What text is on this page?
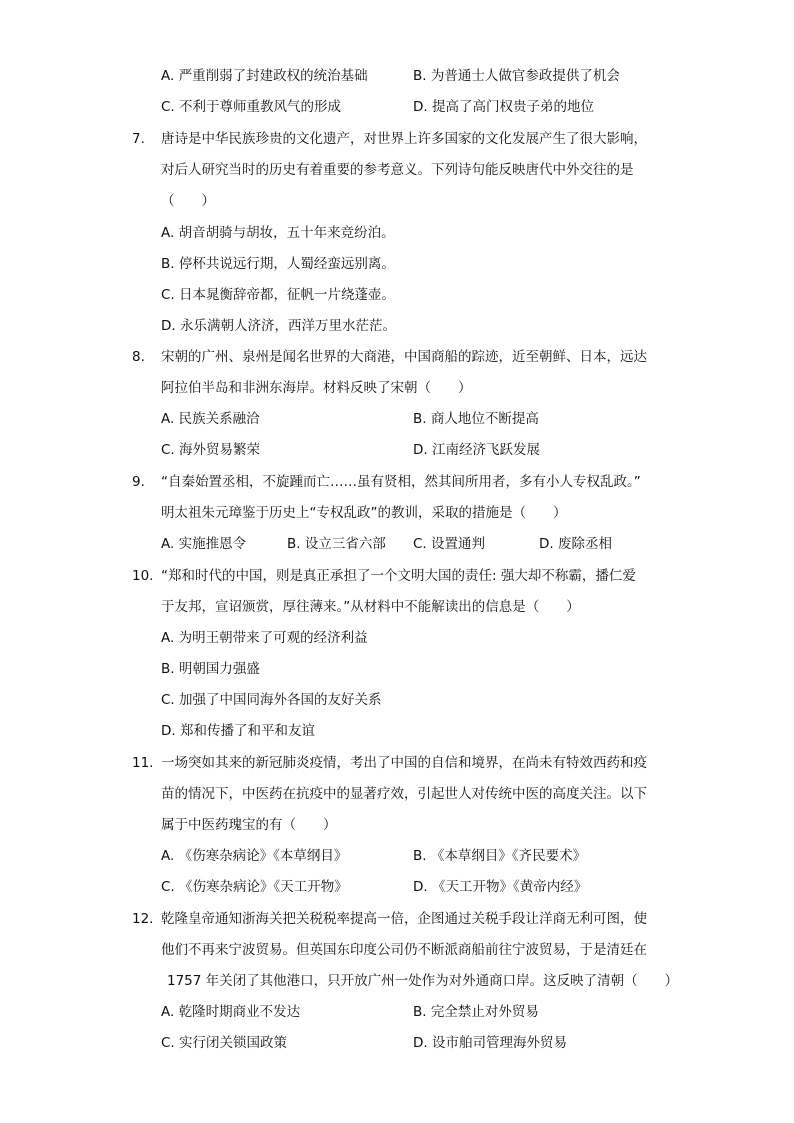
A. 严重削弱了封建政权的统治基础	B. 为普通士人做官参政提供了机会
C. 不利于尊师重教风气的形成	D. 提高了高门权贵子弟的地位
7. 唐诗是中华民族珍贵的文化遗产，对世界上许多国家的文化发展产生了很大影响，
对后人研究当时的历史有着重要的参考意义。下列诗句能反映唐代中外交往的是
（　　）
A. 胡音胡骑与胡妆，五十年来竞纷泊。
B. 停杯共说远行期，人蜀经蛮远别离。
C. 日本晁衡辞帝都，征帆一片绕蓬壶。
D. 永乐满朝人济济，西洋万里水茫茫。
8. 宋朝的广州、泉州是闻名世界的大商港，中国商船的踪迹，近至朝鲜、日本，远达
阿拉伯半岛和非洲东海岸。材料反映了宋朝（　　）
A. 民族关系融洽	B. 商人地位不断提高
C. 海外贸易繁荣	D. 江南经济飞跃发展
9. “自秦始置丞相，不旋踵而亡……虽有贤相，然其间所用者，多有小人专权乱政。”
明太祖朱元璋鉴于历史上“专权乱政”的教训，采取的措施是（　　）
A. 实施推恩令	B. 设立三省六部 C. 设置通判	D. 废除丞相
10. “郑和时代的中国，则是真正承担了一个文明大国的责任: 强大却不称霸，播仁爱
于友邦，宣诏颁赏，厚往薄来。”从材料中不能解读出的信息是（　　）
A. 为明王朝带来了可观的经济利益
B. 明朝国力强盛
C. 加强了中国同海外各国的友好关系
D. 郑和传播了和平和友谊
11. 一场突如其来的新冠肺炎疫情，考出了中国的自信和境界，在尚未有特效西药和疫
苗的情况下，中医药在抗疫中的显著疗效，引起世人对传统中医的高度关注。以下
属于中医药瑰宝的有（　　）
A. 《伤寒杂病论》《本草纲目》	B. 《本草纲目》《齐民要术》
C. 《伤寒杂病论》《天工开物》	D. 《天工开物》《黄帝内经》
12. 乾隆皇帝通知浙海关把关税税率提高一倍，企图通过关税手段让洋商无利可图，使
他们不再来宁波贸易。但英国东印度公司仍不断派商船前往宁波贸易，于是清廷在
1757 年关闭了其他港口，只开放广州一处作为对外通商口岸。这反映了清朝（　　）
A. 乾隆时期商业不发达	B. 完全禁止对外贸易
C. 实行闭关锁国政策	D. 设市舶司管理海外贸易
